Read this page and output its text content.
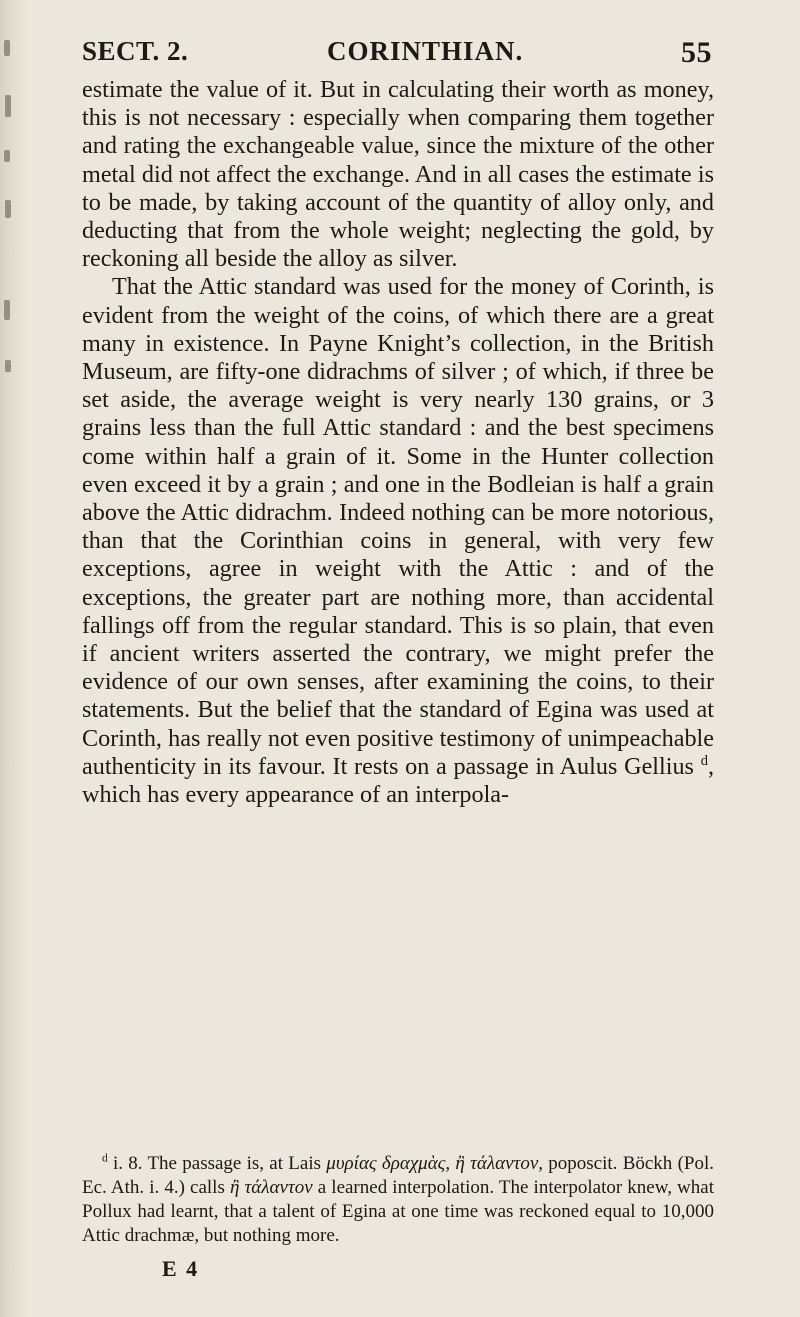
SECT. 2.	CORINTHIAN.	55

estimate the value of it. But in calculating their worth as money, this is not necessary : especially when comparing them together and rating the exchangeable value, since the mixture of the other metal did not affect the exchange. And in all cases the estimate is to be made, by taking account of the quantity of alloy only, and deducting that from the whole weight; neglecting the gold, by reckoning all beside the alloy as silver.

That the Attic standard was used for the money of Corinth, is evident from the weight of the coins, of which there are a great many in existence. In Payne Knight’s collection, in the British Museum, are fifty-one didrachms of silver ; of which, if three be set aside, the average weight is very nearly 130 grains, or 3 grains less than the full Attic standard : and the best specimens come within half a grain of it. Some in the Hunter collection even exceed it by a grain ; and one in the Bodleian is half a grain above the Attic didrachm. Indeed nothing can be more notorious, than that the Corinthian coins in general, with very few exceptions, agree in weight with the Attic : and of the exceptions, the greater part are nothing more, than accidental fallings off from the regular standard. This is so plain, that even if ancient writers asserted the contrary, we might prefer the evidence of our own senses, after examining the coins, to their statements. But the belief that the standard of Egina was used at Corinth, has really not even positive testimony of unimpeachable authenticity in its favour. It rests on a passage in Aulus Gellius $^d$, which has every appearance of an interpola-

$^d$ i. 8. The passage is, at Lais μυρίας δραχμὰς, ἢ τάλαντον, poposcit. Böckh (Pol. Ec. Ath. i. 4.) calls ἢ τάλαντον a learned interpolation. The interpolator knew, what Pollux had learnt, that a talent of Egina at one time was reckoned equal to 10,000 Attic drachmæ, but nothing more.

E 4
